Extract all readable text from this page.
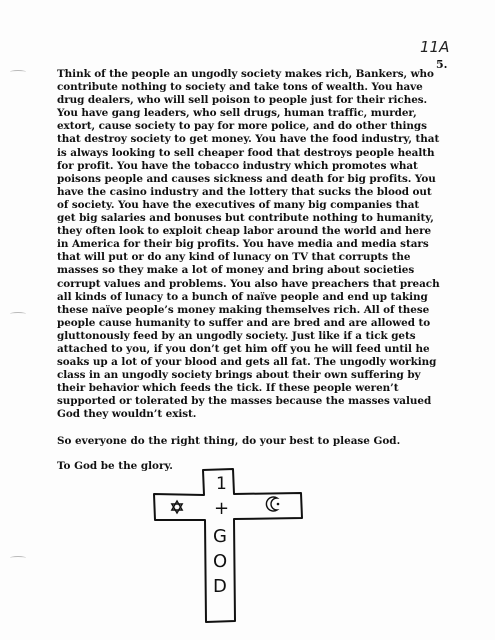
11A
5.

Think of the people an ungodly society makes rich, Bankers, who contribute nothing to society and take tons of wealth. You have drug dealers, who will sell poison to people just for their riches. You have gang leaders, who sell drugs, human traffic, murder, extort, cause society to pay for more police, and do other things that destroy society to get money. You have the food industry, that is always looking to sell cheaper food that destroys people health for profit. You have the tobacco industry which promotes what poisons people and causes sickness and death for big profits. You have the casino industry and the lottery that sucks the blood out of society. You have the executives of many big companies that get big salaries and bonuses but contribute nothing to humanity, they often look to exploit cheap labor around the world and here in America for their big profits. You have media and media stars that will put or do any kind of lunacy on TV that corrupts the masses so they make a lot of money and bring about societies corrupt values and problems. You also have preachers that preach all kinds of lunacy to a bunch of naïve people and end up taking these naïve people’s money making themselves rich. All of these people cause humanity to suffer and are bred and are allowed to gluttonously feed by an ungodly society. Just like if a tick gets attached to you, if you don’t get him off you he will feed until he soaks up a lot of your blood and gets all fat. The ungodly working class in an ungodly society brings about their own suffering by their behavior which feeds the tick. If these people weren’t supported or tolerated by the masses because the masses valued God they wouldn’t exist.

So everyone do the right thing, do your best to please God.

To God be the glory.

1
+
G
O
D
